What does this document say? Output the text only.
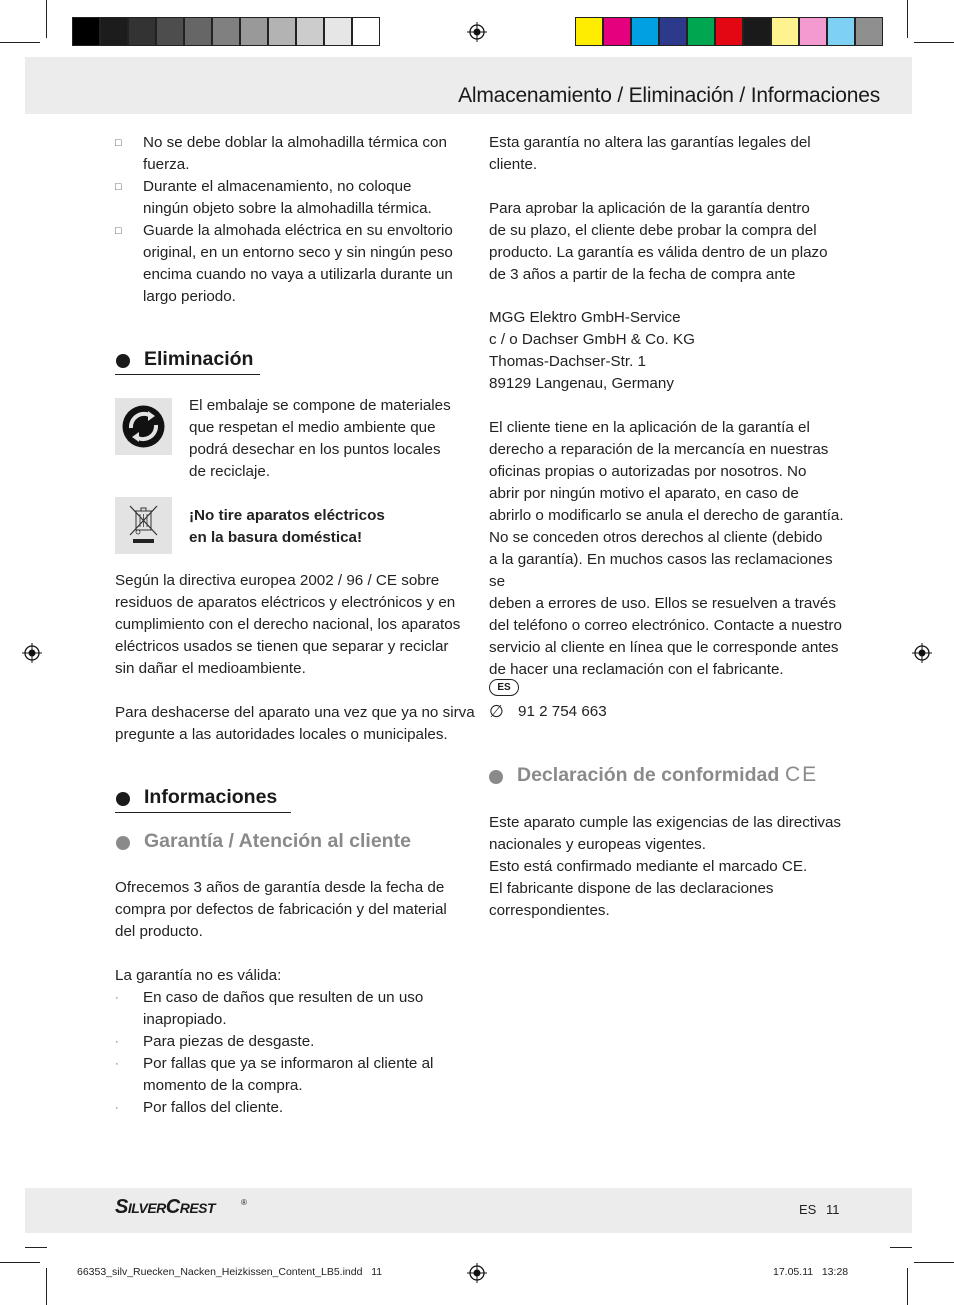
Almacenamiento / Eliminación / Informaciones
□ No se debe doblar la almohadilla térmica con
fuerza.
□ Durante el almacenamiento, no coloque
ningún objeto sobre la almohadilla térmica.
□ Guarde la almohada eléctrica en su envoltorio
original, en un entorno seco y sin ningún peso
encima cuando no vaya a utilizarla durante un
largo periodo.
Eliminación
El embalaje se compone de materiales
que respetan el medio ambiente que
podrá desechar en los puntos locales
de reciclaje.
¡No tire aparatos eléctricos
en la basura doméstica!
Según la directiva europea 2002 / 96 / CE sobre
residuos de aparatos eléctricos y electrónicos y en
cumplimiento con el derecho nacional, los aparatos
eléctricos usados se tienen que separar y reciclar
sin dañar el medioambiente.
Para deshacerse del aparato una vez que ya no sirva
pregunte a las autoridades locales o municipales.
Informaciones
Garantía / Atención al cliente
Ofrecemos 3 años de garantía desde la fecha de
compra por defectos de fabricación y del material
del producto.
La garantía no es válida:
· En caso de daños que resulten de un uso
inapropiado.
· Para piezas de desgaste.
· Por fallas que ya se informaron al cliente al
momento de la compra.
· Por fallos del cliente.
Esta garantía no altera las garantías legales del
cliente.
Para aprobar la aplicación de la garantía dentro
de su plazo, el cliente debe probar la compra del
producto. La garantía es válida dentro de un plazo
de 3 años a partir de la fecha de compra ante
MGG Elektro GmbH-Service
c / o Dachser GmbH & Co. KG
Thomas-Dachser-Str. 1
89129 Langenau, Germany
El cliente tiene en la aplicación de la garantía el
derecho a reparación de la mercancía en nuestras
oficinas propias o autorizadas por nosotros. No
abrir por ningún motivo el aparato, en caso de
abrirlo o modificarlo se anula el derecho de garantía.
No se conceden otros derechos al cliente (debido
a la garantía). En muchos casos las reclamaciones se
deben a errores de uso. Ellos se resuelven a través
del teléfono o correo electrónico. Contacte a nuestro
servicio al cliente en línea que le corresponde antes
de hacer una reclamación con el fabricante.
ES
∅ 91 2 754 663
Declaración de conformidad CE
Este aparato cumple las exigencias de las directivas
nacionales y europeas vigentes.
Esto está confirmado mediante el marcado CE.
El fabricante dispone de las declaraciones
correspondientes.
SilverCrest	®	ES 11
66353_silv_Ruecken_Nacken_Heizkissen_Content_LB5.indd   11	17.05.11   13:28
